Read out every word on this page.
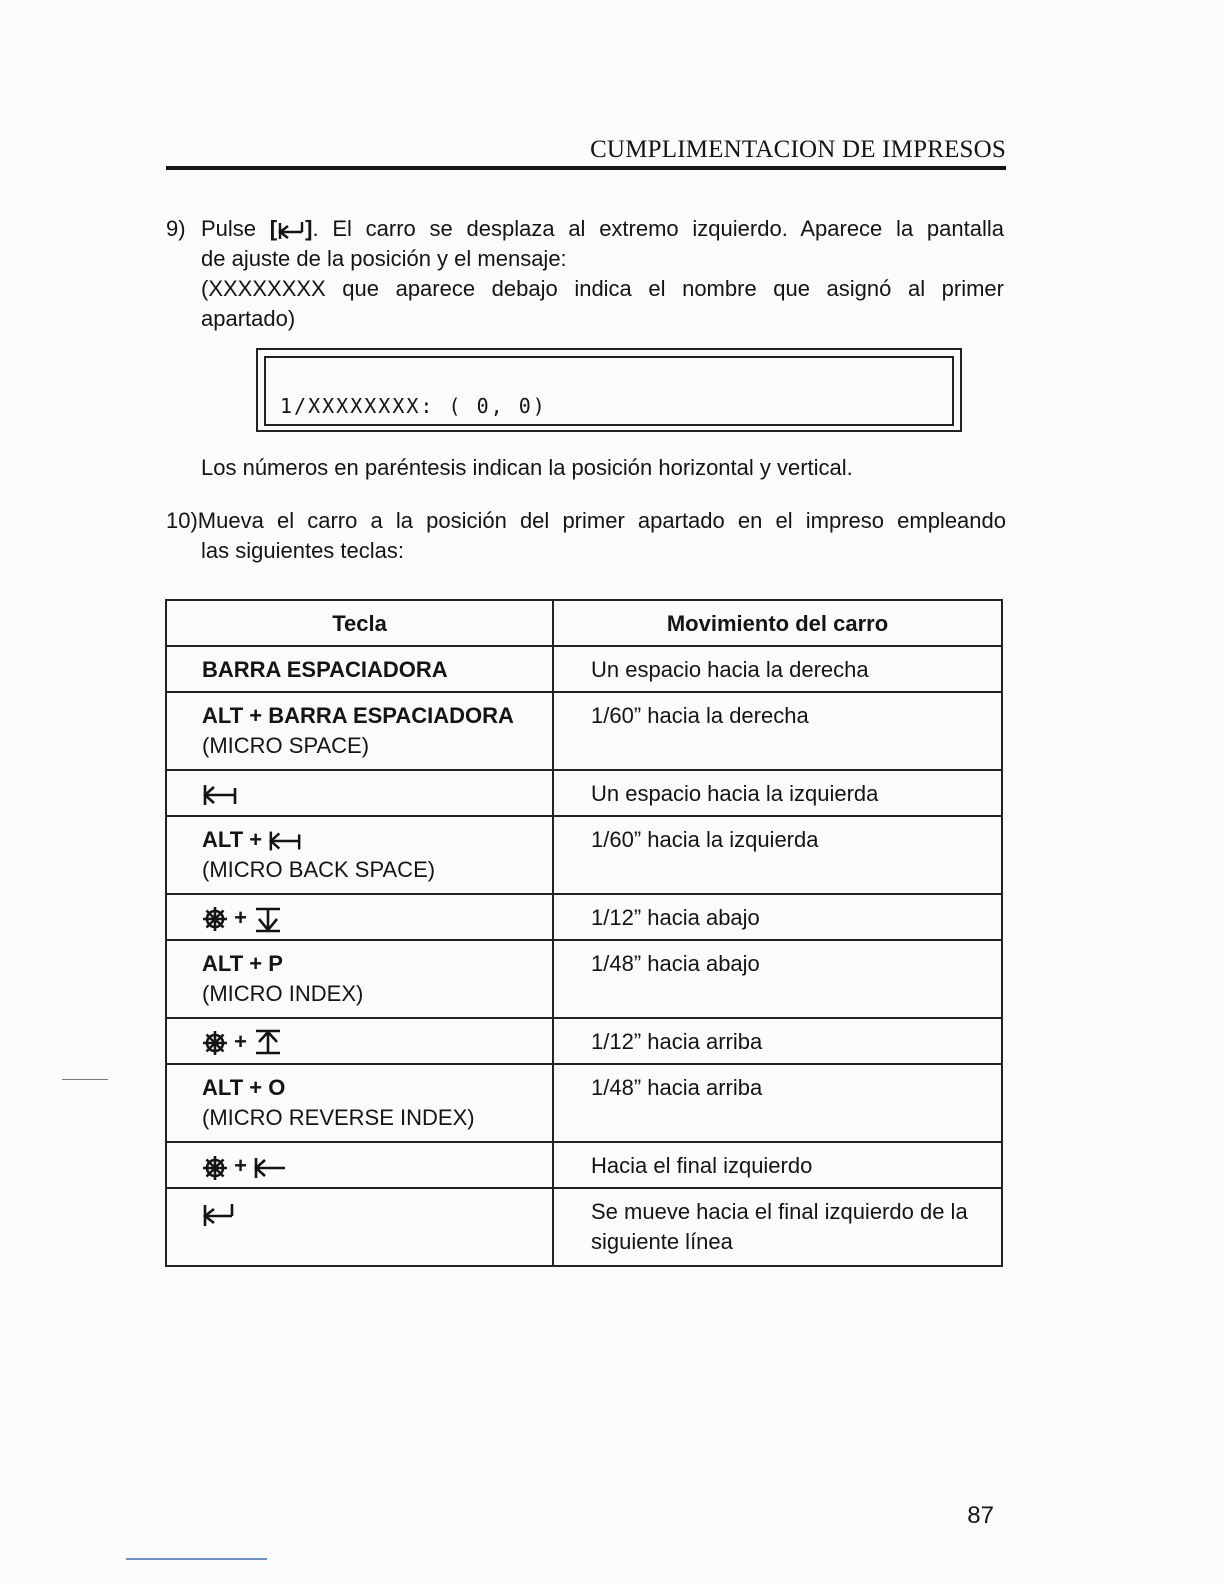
CUMPLIMENTACION DE IMPRESOS
9) Pulse [ ]. El carro se desplaza al extremo izquierdo. Aparece la pantalla
de ajuste de la posición y el mensaje:
(XXXXXXXX que aparece debajo indica el nombre que asignó al primer
apartado)
1/XXXXXXXX: ( 0, 0)
Los números en paréntesis indican la posición horizontal y vertical.
10)Mueva el carro a la posición del primer apartado en el impreso empleando
las siguientes teclas:
Tecla	Movimiento del carro
BARRA ESPACIADORA	Un espacio hacia la derecha

ALT + BARRA ESPACIADORA
(MICRO SPACE)	1/60” hacia la derecha
	Un espacio hacia la izquierda

ALT +
(MICRO BACK SPACE)	1/60” hacia la izquierda
+	1/12” hacia abajo

ALT + P
(MICRO INDEX)	1/48” hacia abajo
+	1/12” hacia arriba

ALT + O
(MICRO REVERSE INDEX)	1/48” hacia arriba
+	Hacia el final izquierdo
	Se mueve hacia el final izquierdo de la siguiente línea
87
